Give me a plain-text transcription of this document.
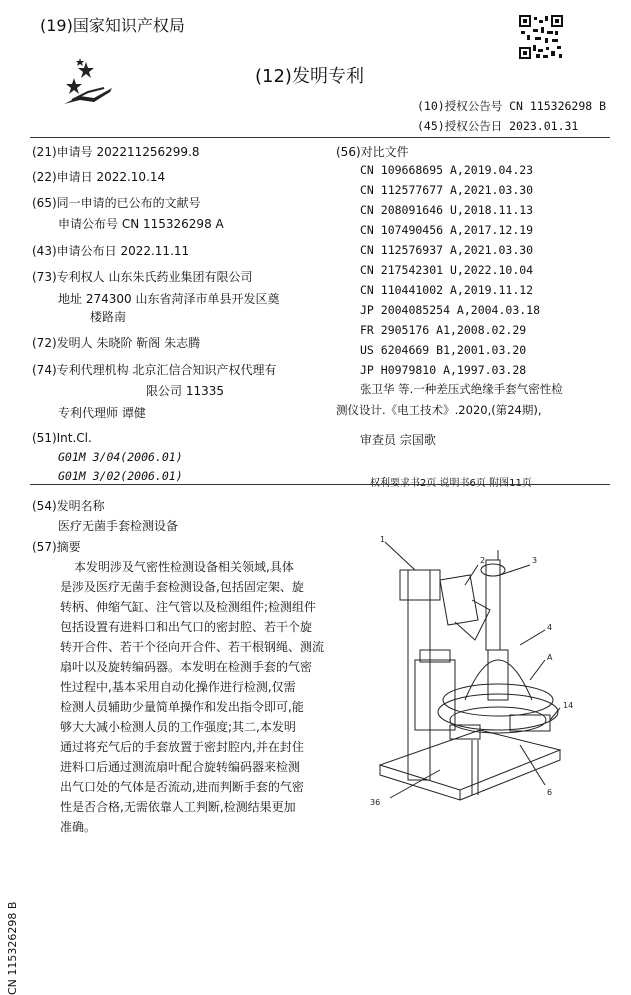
(19)国家知识产权局
(12)发明专利
(10)授权公告号 CN 115326298 B
(45)授权公告日 2023.01.31
(21)申请号 202211256299.8
(22)申请日 2022.10.14
(65)同一申请的已公布的文献号
申请公布号 CN 115326298 A
(43)申请公布日 2022.11.11
(73)专利权人 山东朱氏药业集团有限公司
地址 274300 山东省菏泽市单县开发区奠
楼路南
(72)发明人 朱晓阶 靳阁 朱志腾
(74)专利代理机构 北京汇信合知识产权代理有
限公司 11335
专利代理师 谭健
(51)Int.Cl.
G01M 3/04(2006.01)
G01M 3/02(2006.01)
(56)对比文件
CN 109668695 A,2019.04.23
CN 112577677 A,2021.03.30
CN 208091646 U,2018.11.13
CN 107490456 A,2017.12.19
CN 112576937 A,2021.03.30
CN 217542301 U,2022.10.04
CN 110441002 A,2019.11.12
JP 2004085254 A,2004.03.18
FR 2905176 A1,2008.02.29
US 6204669 B1,2001.03.20
JP H0979810 A,1997.03.28
张卫华 等.一种差压式绝缘手套气密性检
测仪设计.《电工技术》.2020,(第24期),
审查员 宗国歌
(54)发明名称
医疗无菌手套检测设备
(57)摘要
本发明涉及气密性检测设备相关领域,具体
是涉及医疗无菌手套检测设备,包括固定架、旋
转柄、伸缩气缸、注气管以及检测组件;检测组件
包括设置有进料口和出气口的密封腔、若干个旋
转开合件、若干个径向开合件、若干根钢绳、测流
扇叶以及旋转编码器。本发明在检测手套的气密
性过程中,基本采用自动化操作进行检测,仅需
检测人员辅助少量简单操作和发出指令即可,能
够大大减小检测人员的工作强度;其二,本发明
通过将充气后的手套放置于密封腔内,并在封住
进料口后通过测流扇叶配合旋转编码器来检测
出气口处的气体是否流动,进而判断手套的气密
性是否合格,无需依靠人工判断,检测结果更加
准确。
1
2	3
4
A
14
6
36
CN 115326298 B
